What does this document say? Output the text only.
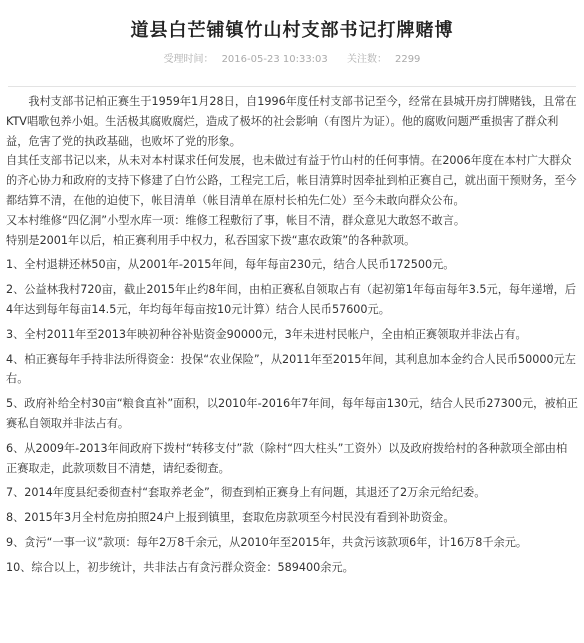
道县白芒铺镇竹山村支部书记打牌赌博
受理时间： 2016-05-23 10:33:03 关注数： 2299

我村支部书记柏正赛生于1959年1月28日，自1996年度任村支部书记至今，经常在县城开房打牌赌钱，且常在KTV唱歌包养小姐。生活极其腐败腐烂，造成了极坏的社会影响（有图片为证）。他的腐败问题严重损害了群众利益，危害了党的执政基础，也败坏了党的形象。

自其任支部书记以来，从未对本村谋求任何发展，也未做过有益于竹山村的任何事情。在2006年度在本村广大群众的齐心协力和政府的支持下修建了白竹公路，工程完工后，帐目清算时因牵扯到柏正赛自己，就出面干预财务，至今都结算不清，在他的迫使下，帐目清单（帐目清单在原村长柏先仁处）至今未敢向群众公布。

又本村维修“四亿洞”小型水库一项：维修工程敷衍了事，帐目不清，群众意见大敢怒不敢言。

特别是2001年以后，柏正赛利用手中权力，私吞国家下拨“惠农政策”的各种款项。

1、全村退耕还林50亩，从2001年-2015年间，每年每亩230元，结合人民币172500元。

2、公益林我村720亩，截止2015年止约8年间，由柏正赛私自领取占有（起初第1年每亩每年3.5元，每年递增，后4年达到每年每亩14.5元，年均每年每亩按10元计算）结合人民币57600元。

3、全村2011年至2013年映初种谷补贴资金90000元，3年未进村民帐户，全由柏正赛领取并非法占有。

4、柏正赛每年手持非法所得资金：投保“农业保险”，从2011年至2015年间，其利息加本金约合人民币50000元左右。

5、政府补给全村30亩“粮食直补”面积，以2010年-2016年7年间，每年每亩130元，结合人民币27300元，被柏正赛私自领取并非法占有。

6、从2009年-2013年间政府下拨村“转移支付”款（除村“四大柱头”工资外）以及政府拨给村的各种款项全部由柏正赛取走，此款项数目不清楚，请纪委彻查。

7、2014年度县纪委彻查村“套取养老金”，彻查到柏正赛身上有问题，其退还了2万余元给纪委。

8、2015年3月全村危房拍照24户上报到镇里，套取危房款项至今村民没有看到补助资金。

9、贪污“一事一议”款项：每年2万8千余元，从2010年至2015年，共贪污该款项6年，计16万8千余元。

10、综合以上，初步统计，共非法占有贪污群众资金：589400余元。
